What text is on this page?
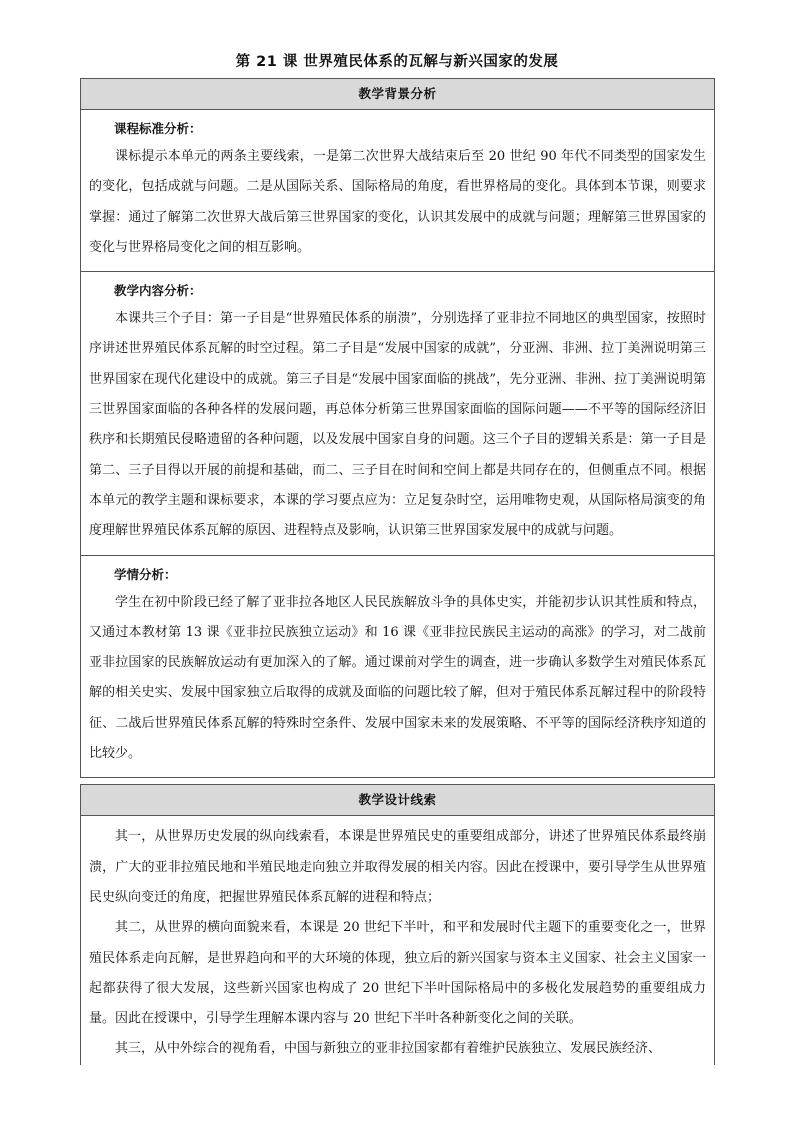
第 21 课 世界殖民体系的瓦解与新兴国家的发展
教学背景分析
课程标准分析：

课标提示本单元的两条主要线索，一是第二次世界大战结束后至 20 世纪 90 年代不同类型的国家发生的变化，包括成就与问题。二是从国际关系、国际格局的角度，看世界格局的变化。具体到本节课，则要求掌握：通过了解第二次世界大战后第三世界国家的变化，认识其发展中的成就与问题；理解第三世界国家的变化与世界格局变化之间的相互影响。

教学内容分析：

本课共三个子目：第一子目是“世界殖民体系的崩溃”，分别选择了亚非拉不同地区的典型国家，按照时序讲述世界殖民体系瓦解的时空过程。第二子目是“发展中国家的成就”，分亚洲、非洲、拉丁美洲说明第三世界国家在现代化建设中的成就。第三子目是“发展中国家面临的挑战”，先分亚洲、非洲、拉丁美洲说明第三世界国家面临的各种各样的发展问题，再总体分析第三世界国家面临的国际问题——不平等的国际经济旧秩序和长期殖民侵略遗留的各种问题，以及发展中国家自身的问题。这三个子目的逻辑关系是：第一子目是第二、三子目得以开展的前提和基础，而二、三子目在时间和空间上都是共同存在的，但侧重点不同。根据本单元的教学主题和课标要求，本课的学习要点应为：立足复杂时空，运用唯物史观，从国际格局演变的角度理解世界殖民体系瓦解的原因、进程特点及影响，认识第三世界国家发展中的成就与问题。

学情分析：

学生在初中阶段已经了解了亚非拉各地区人民民族解放斗争的具体史实，并能初步认识其性质和特点，又通过本教材第 13 课《亚非拉民族独立运动》和 16 课《亚非拉民族民主运动的高涨》的学习，对二战前亚非拉国家的民族解放运动有更加深入的了解。通过课前对学生的调查，进一步确认多数学生对殖民体系瓦解的相关史实、发展中国家独立后取得的成就及面临的问题比较了解，但对于殖民体系瓦解过程中的阶段特征、二战后世界殖民体系瓦解的特殊时空条件、发展中国家未来的发展策略、不平等的国际经济秩序知道的比较少。

教学设计线索

其一，从世界历史发展的纵向线索看，本课是世界殖民史的重要组成部分，讲述了世界殖民体系最终崩溃，广大的亚非拉殖民地和半殖民地走向独立并取得发展的相关内容。因此在授课中，要引导学生从世界殖民史纵向变迁的角度，把握世界殖民体系瓦解的进程和特点；

其二，从世界的横向面貌来看，本课是 20 世纪下半叶，和平和发展时代主题下的重要变化之一，世界殖民体系走向瓦解，是世界趋向和平的大环境的体现，独立后的新兴国家与资本主义国家、社会主义国家一起都获得了很大发展，这些新兴国家也构成了 20 世纪下半叶国际格局中的多极化发展趋势的重要组成力量。因此在授课中，引导学生理解本课内容与 20 世纪下半叶各种新变化之间的关联。

其三，从中外综合的视角看，中国与新独立的亚非拉国家都有着维护民族独立、发展民族经济、
